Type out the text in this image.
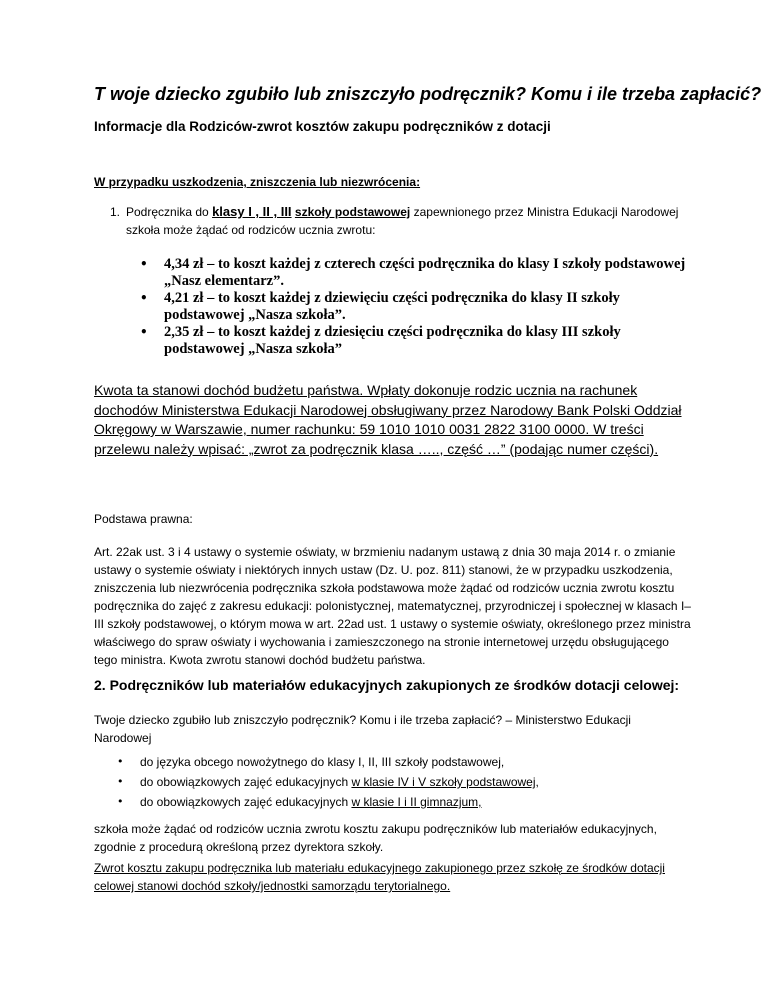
T woje dziecko zgubiło lub zniszczyło podręcznik? Komu i ile trzeba zapłacić?

Informacje dla Rodziców-zwrot kosztów zakupu podręczników z dotacji

W przypadku uszkodzenia, zniszczenia lub niezwrócenia:

1. Podręcznika do klasy I , II , III szkoły podstawowej zapewnionego przez Ministra Edukacji Narodowej szkoła może żądać od rodziców ucznia zwrotu:
• 4,34 zł – to koszt każdej z czterech części podręcznika do klasy I szkoły podstawowej „Nasz elementarz”.
• 4,21 zł – to koszt każdej z dziewięciu części podręcznika do klasy II szkoły podstawowej „Nasza szkoła”.
• 2,35 zł – to koszt każdej z dziesięciu części podręcznika do klasy III szkoły podstawowej „Nasza szkoła”

Kwota ta stanowi dochód budżetu państwa. Wpłaty dokonuje rodzic ucznia na rachunek dochodów Ministerstwa Edukacji Narodowej obsługiwany przez Narodowy Bank Polski Oddział Okręgowy w Warszawie, numer rachunku: 59 1010 1010 0031 2822 3100 0000. W treści przelewu należy wpisać: „zwrot za podręcznik klasa ….., część …” (podając numer części).

Podstawa prawna:

Art. 22ak ust. 3 i 4 ustawy o systemie oświaty, w brzmieniu nadanym ustawą z dnia 30 maja 2014 r. o zmianie ustawy o systemie oświaty i niektórych innych ustaw (Dz. U. poz. 811) stanowi, że w przypadku uszkodzenia, zniszczenia lub niezwrócenia podręcznika szkoła podstawowa może żądać od rodziców ucznia zwrotu kosztu podręcznika do zajęć z zakresu edukacji: polonistycznej, matematycznej, przyrodniczej i społecznej w klasach I–III szkoły podstawowej, o którym mowa w art. 22ad ust. 1 ustawy o systemie oświaty, określonego przez ministra właściwego do spraw oświaty i wychowania i zamieszczonego na stronie internetowej urzędu obsługującego tego ministra. Kwota zwrotu stanowi dochód budżetu państwa.

2. Podręczników lub materiałów edukacyjnych zakupionych ze środków dotacji celowej:

Twoje dziecko zgubiło lub zniszczyło podręcznik? Komu i ile trzeba zapłacić? – Ministerstwo Edukacji Narodowej

• do języka obcego nowożytnego do klasy I, II, III szkoły podstawowej,
• do obowiązkowych zajęć edukacyjnych w klasie IV i V szkoły podstawowej,
• do obowiązkowych zajęć edukacyjnych w klasie I i II gimnazjum,

szkoła może żądać od rodziców ucznia zwrotu kosztu zakupu podręczników lub materiałów edukacyjnych, zgodnie z procedurą określoną przez dyrektora szkoły.

Zwrot kosztu zakupu podręcznika lub materiału edukacyjnego zakupionego przez szkołę ze środków dotacji celowej stanowi dochód szkoły/jednostki samorządu terytorialnego.
